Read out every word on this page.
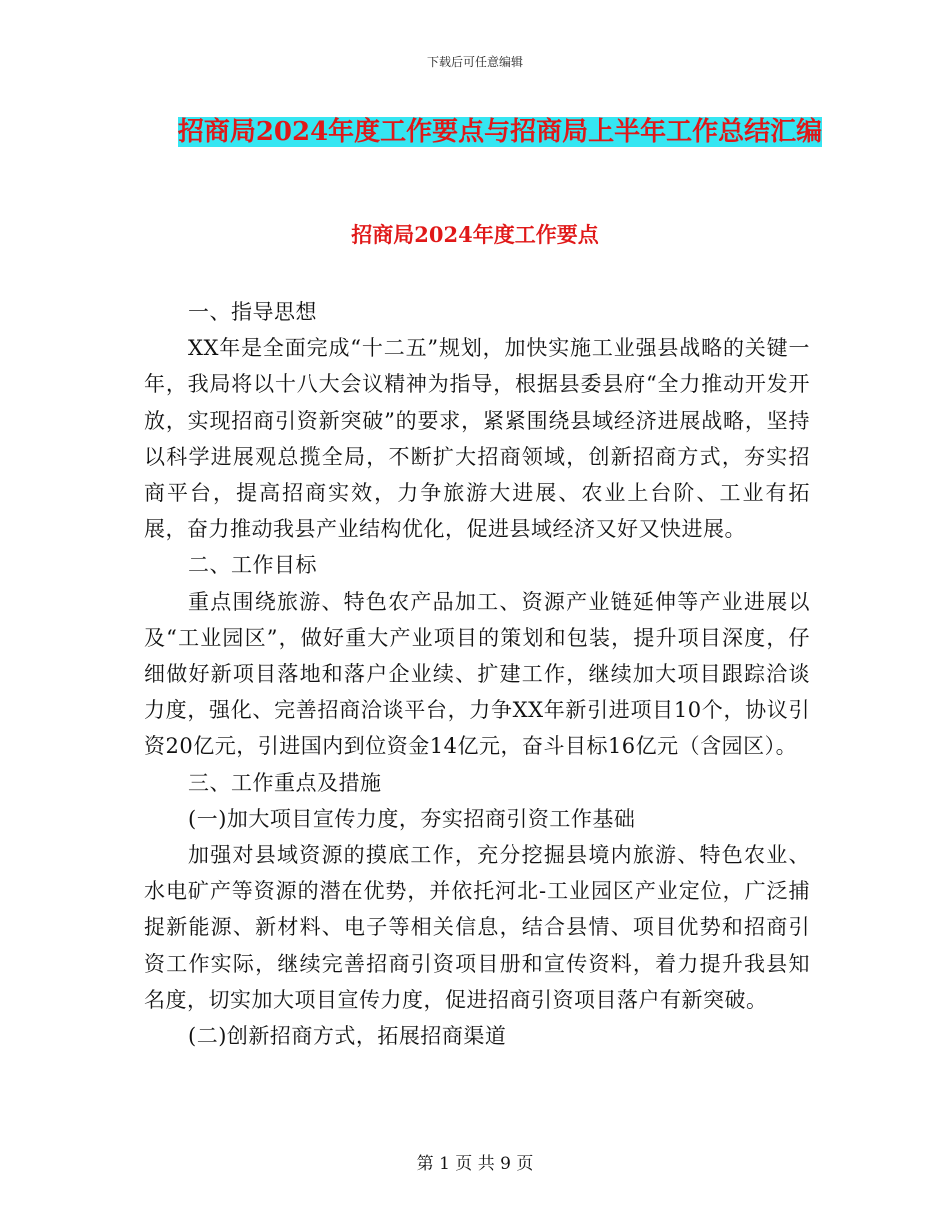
下载后可任意编辑
招商局2024年度工作要点与招商局上半年工作总结汇编
招商局2024年度工作要点

一、指导思想

XX年是全面完成“十二五”规划，加快实施工业强县战略的关键一年，我局将以十八大会议精神为指导，根据县委县府“全力推动开发开放，实现招商引资新突破”的要求，紧紧围绕县域经济进展战略，坚持以科学进展观总揽全局，不断扩大招商领域，创新招商方式，夯实招商平台，提高招商实效，力争旅游大进展、农业上台阶、工业有拓展，奋力推动我县产业结构优化，促进县域经济又好又快进展。

二、工作目标

重点围绕旅游、特色农产品加工、资源产业链延伸等产业进展以及“工业园区”，做好重大产业项目的策划和包装，提升项目深度，仔细做好新项目落地和落户企业续、扩建工作，继续加大项目跟踪洽谈力度，强化、完善招商洽谈平台，力争XX年新引进项目10个，协议引资20亿元，引进国内到位资金14亿元，奋斗目标16亿元（含园区）。

三、工作重点及措施

(一)加大项目宣传力度，夯实招商引资工作基础

加强对县域资源的摸底工作，充分挖掘县境内旅游、特色农业、水电矿产等资源的潜在优势，并依托河北-工业园区产业定位，广泛捕捉新能源、新材料、电子等相关信息，结合县情、项目优势和招商引资工作实际，继续完善招商引资项目册和宣传资料，着力提升我县知名度，切实加大项目宣传力度，促进招商引资项目落户有新突破。

(二)创新招商方式，拓展招商渠道

第 1 页 共 9 页
